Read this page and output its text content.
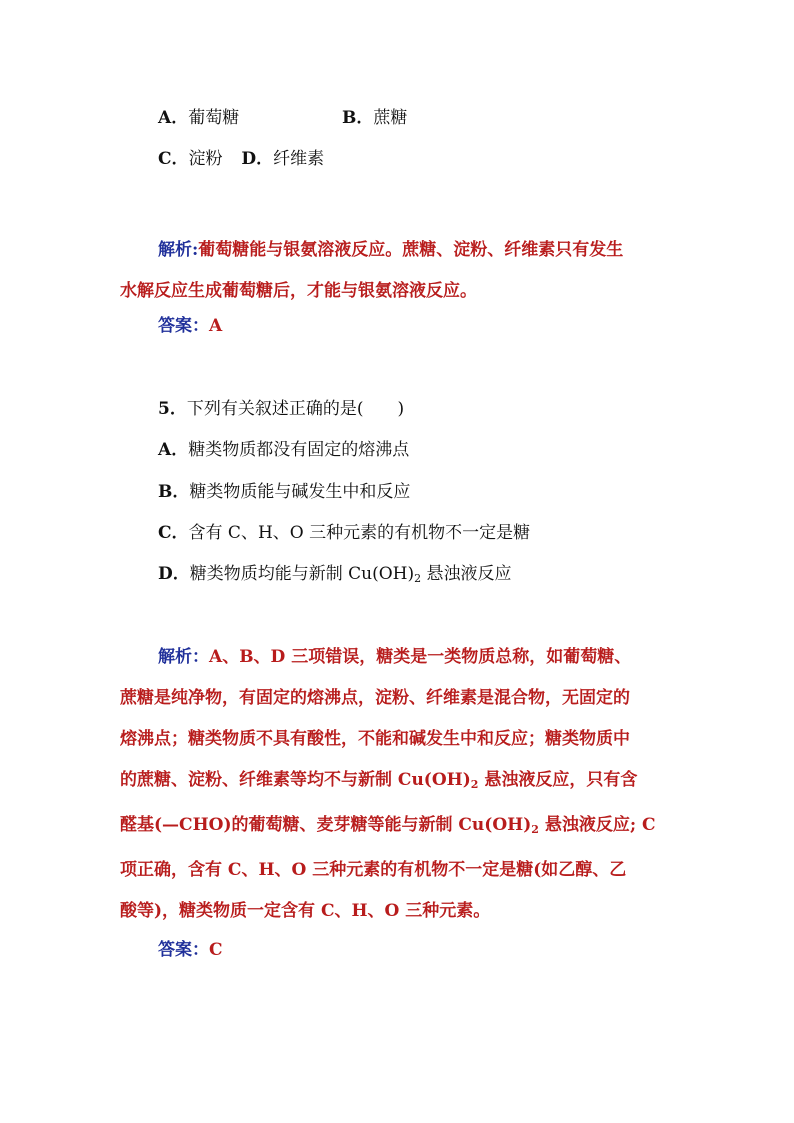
A．葡萄糖	B．蔗糖
C．淀粉 D．纤维素

解析:葡萄糖能与银氨溶液反应。蔗糖、淀粉、纤维素只有发生

水解反应生成葡萄糖后，才能与银氨溶液反应。

答案：A
5．下列有关叙述正确的是( )
A．糖类物质都没有固定的熔沸点
B．糖类物质能与碱发生中和反应
C．含有 C、H、O 三种元素的有机物不一定是糖
D．糖类物质均能与新制 $Cu(OH)_2$ 悬浊液反应

解析：A、B、D 三项错误，糖类是一类物质总称，如葡萄糖、

蔗糖是纯净物，有固定的熔沸点，淀粉、纤维素是混合物，无固定的

熔沸点；糖类物质不具有酸性，不能和碱发生中和反应；糖类物质中

的蔗糖、淀粉、纤维素等均不与新制 $Cu(OH)_2$ 悬浊液反应，只有含

醛基(—CHO)的葡萄糖、麦芽糖等能与新制 $Cu(OH)_2$ 悬浊液反应; C

项正确，含有 C、H、O 三种元素的有机物不一定是糖(如乙醇、乙

酸等)，糖类物质一定含有 C、H、O 三种元素。

答案：C
